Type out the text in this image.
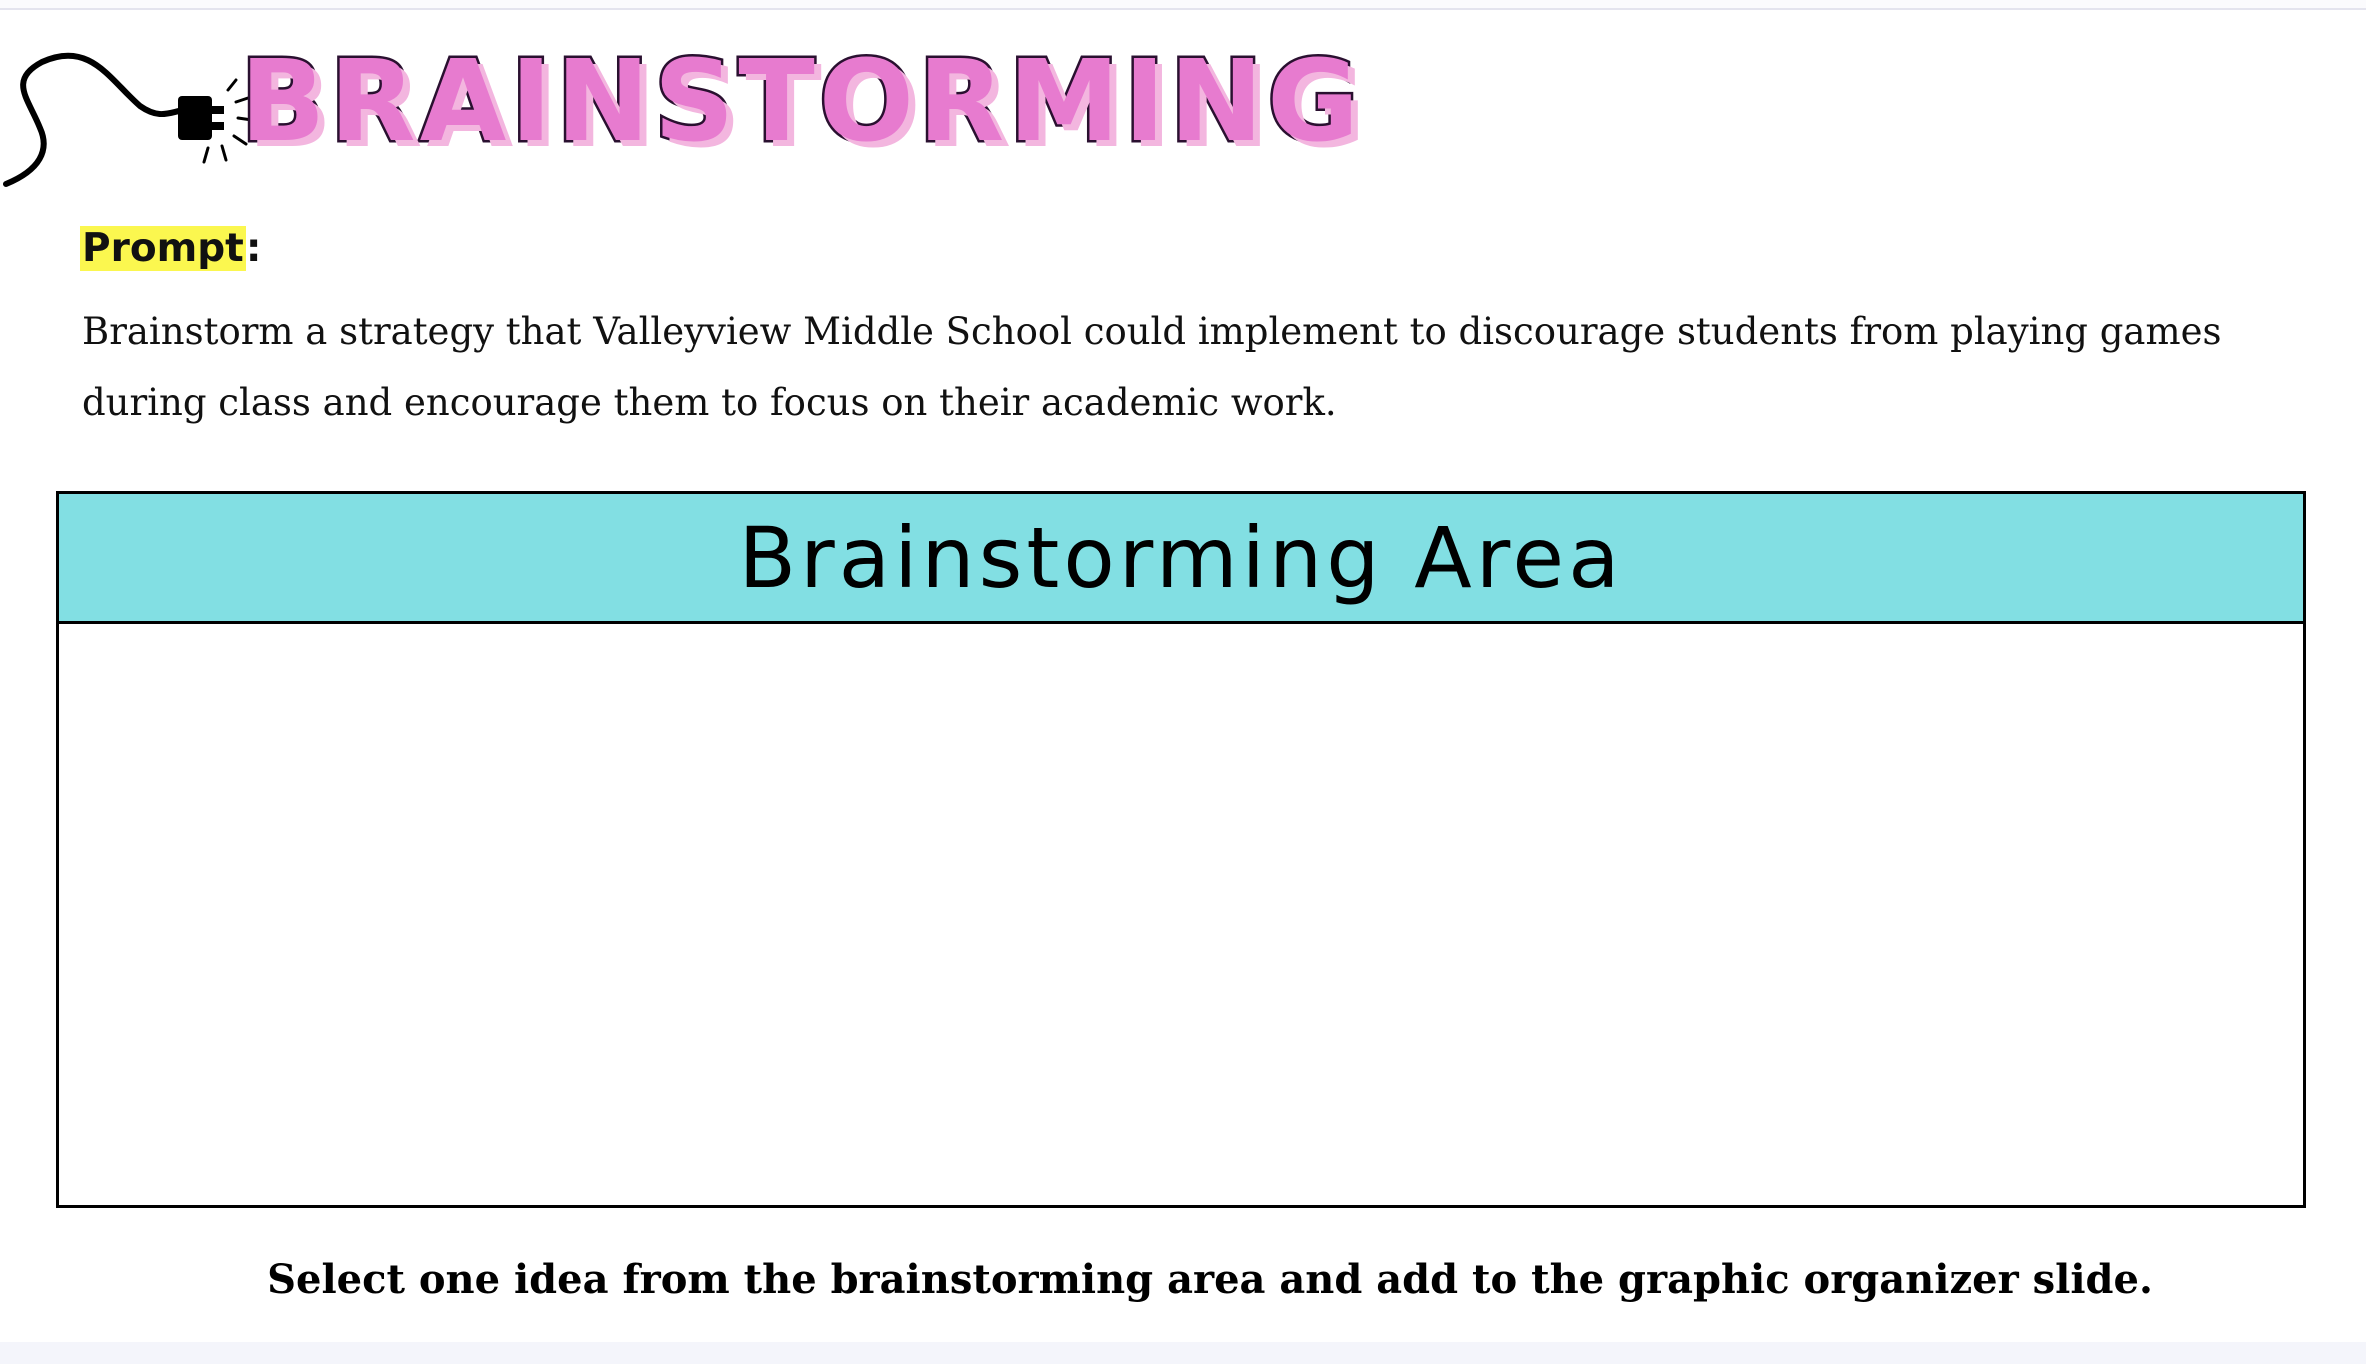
BRAINSTORMING
Prompt:
Brainstorm a strategy that Valleyview Middle School could implement to discourage students from playing games during class and encourage them to focus on their academic work.
Brainstorming Area
Select one idea from the brainstorming area and add to the graphic organizer slide.
